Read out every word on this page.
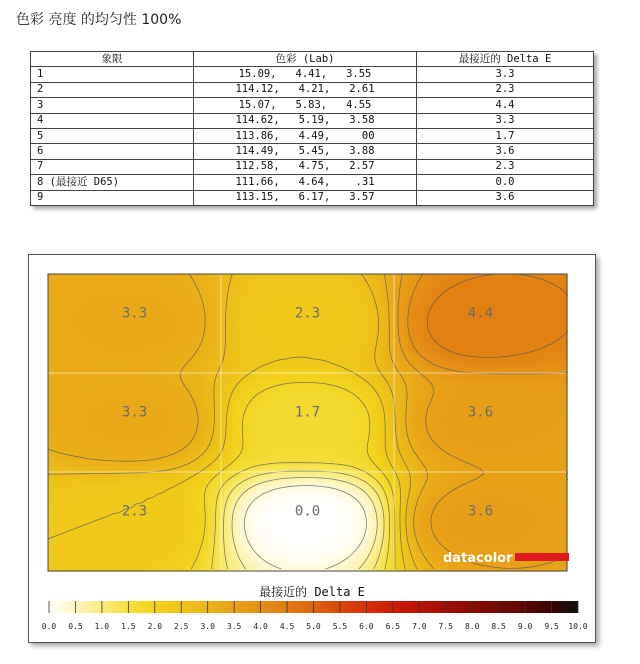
色彩 亮度 的均匀性 100%
象限	色彩 (Lab)	最接近的 Delta E
1	15.09,   4.41,   3.55	3.3
2	114.12,   4.21,   2.61	2.3
3	15.07,   5.83,   4.55	4.4
4	114.62,   5.19,   3.58	3.3
5	113.86,   4.49,     00	1.7
6	114.49,   5.45,   3.88	3.6
7	112.58,   4.75,   2.57	2.3
8 (最接近 D65)	111.66,   4.64,    .31	0.0
9	113.15,   6.17,   3.57	3.6
3.3	2.3	4.4
3.3	1.7	3.6
2.3	0.0	3.6
datacolor
最接近的 Delta E
0.0 0.5 1.0 1.5 2.0 2.5 3.0 3.5 4.0 4.5 5.0 5.5 6.0 6.5 7.0 7.5 8.0 8.5 9.0 9.5 10.0
